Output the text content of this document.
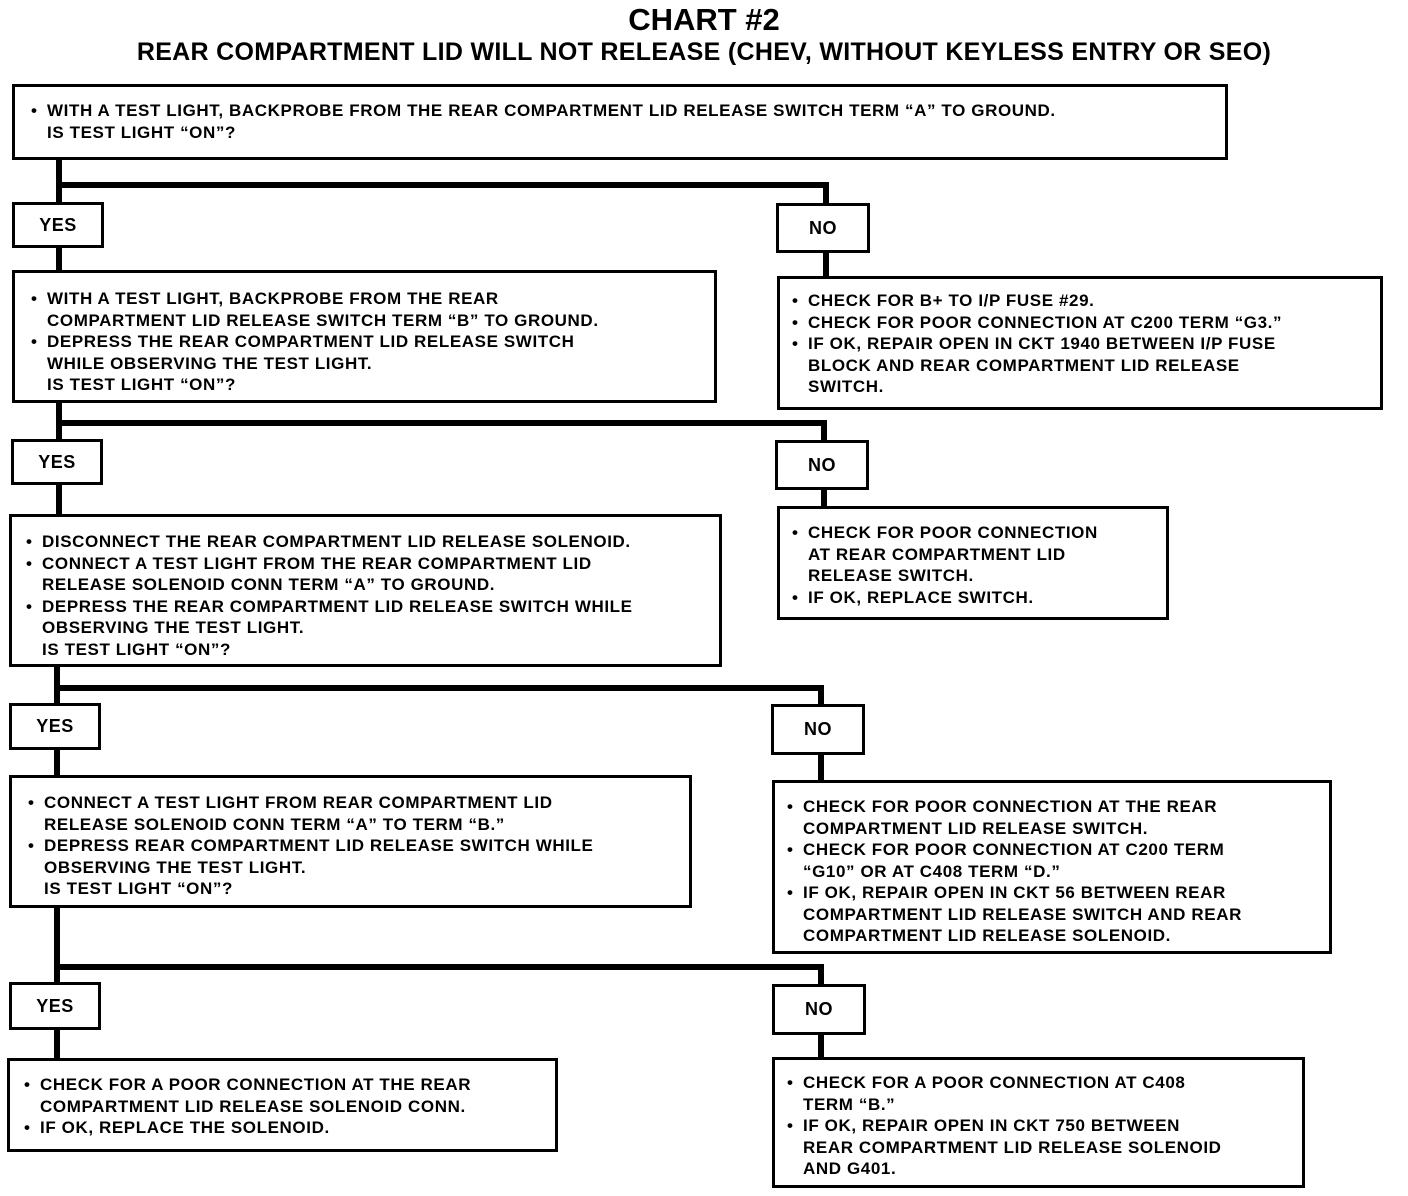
CHART #2
REAR COMPARTMENT LID WILL NOT RELEASE (CHEV, WITHOUT KEYLESS ENTRY OR SEO)
• WITH A TEST LIGHT, BACKPROBE FROM THE REAR COMPARTMENT LID RELEASE SWITCH TERM “A” TO GROUND.
IS TEST LIGHT “ON”?
YES	NO
• WITH A TEST LIGHT, BACKPROBE FROM THE REAR
COMPARTMENT LID RELEASE SWITCH TERM “B” TO GROUND.
• DEPRESS THE REAR COMPARTMENT LID RELEASE SWITCH
WHILE OBSERVING THE TEST LIGHT.
IS TEST LIGHT “ON”?
• CHECK FOR B+ TO I/P FUSE #29.
• CHECK FOR POOR CONNECTION AT C200 TERM “G3.”
• IF OK, REPAIR OPEN IN CKT 1940 BETWEEN I/P FUSE
BLOCK AND REAR COMPARTMENT LID RELEASE
SWITCH.
YES	NO
• DISCONNECT THE REAR COMPARTMENT LID RELEASE SOLENOID.
• CONNECT A TEST LIGHT FROM THE REAR COMPARTMENT LID
RELEASE SOLENOID CONN TERM “A” TO GROUND.
• DEPRESS THE REAR COMPARTMENT LID RELEASE SWITCH WHILE
OBSERVING THE TEST LIGHT.
IS TEST LIGHT “ON”?
• CHECK FOR POOR CONNECTION
AT REAR COMPARTMENT LID
RELEASE SWITCH.
• IF OK, REPLACE SWITCH.
YES	NO
• CONNECT A TEST LIGHT FROM REAR COMPARTMENT LID
RELEASE SOLENOID CONN TERM “A” TO TERM “B.”
• DEPRESS REAR COMPARTMENT LID RELEASE SWITCH WHILE
OBSERVING THE TEST LIGHT.
IS TEST LIGHT “ON”?
• CHECK FOR POOR CONNECTION AT THE REAR
COMPARTMENT LID RELEASE SWITCH.
• CHECK FOR POOR CONNECTION AT C200 TERM
“G10” OR AT C408 TERM “D.”
• IF OK, REPAIR OPEN IN CKT 56 BETWEEN REAR
COMPARTMENT LID RELEASE SWITCH AND REAR
COMPARTMENT LID RELEASE SOLENOID.
YES	NO
• CHECK FOR A POOR CONNECTION AT THE REAR
COMPARTMENT LID RELEASE SOLENOID CONN.
• IF OK, REPLACE THE SOLENOID.
• CHECK FOR A POOR CONNECTION AT C408
TERM “B.”
• IF OK, REPAIR OPEN IN CKT 750 BETWEEN
REAR COMPARTMENT LID RELEASE SOLENOID
AND G401.
